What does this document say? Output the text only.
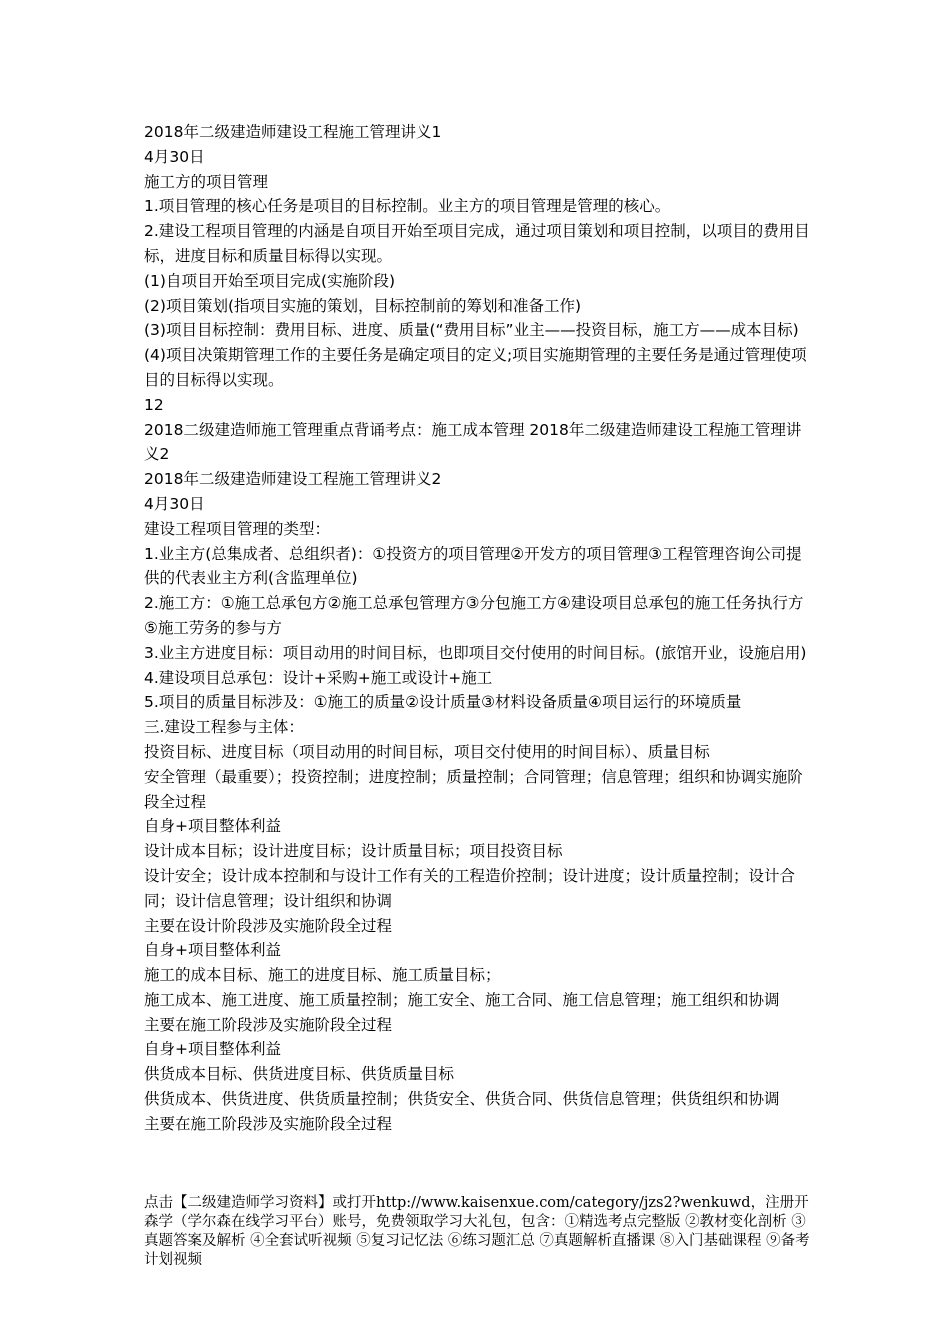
2018年二级建造师建设工程施工管理讲义1
4月30日
施工方的项目管理
1.项目管理的核心任务是项目的目标控制。业主方的项目管理是管理的核心。
2.建设工程项目管理的内涵是自项目开始至项目完成，通过项目策划和项目控制，以项目的费用目标，进度目标和质量目标得以实现。
(1)自项目开始至项目完成(实施阶段)
(2)项目策划(指项目实施的策划，目标控制前的筹划和准备工作)
(3)项目目标控制：费用目标、进度、质量(“费用目标”业主——投资目标，施工方——成本目标)
(4)项目决策期管理工作的主要任务是确定项目的定义;项目实施期管理的主要任务是通过管理使项目的目标得以实现。
12
2018二级建造师施工管理重点背诵考点：施工成本管理 2018年二级建造师建设工程施工管理讲义2
2018年二级建造师建设工程施工管理讲义2
4月30日
建设工程项目管理的类型：
1.业主方(总集成者、总组织者)：①投资方的项目管理②开发方的项目管理③工程管理咨询公司提供的代表业主方利(含监理单位)
2.施工方：①施工总承包方②施工总承包管理方③分包施工方④建设项目总承包的施工任务执行方⑤施工劳务的参与方
3.业主方进度目标：项目动用的时间目标，也即项目交付使用的时间目标。(旅馆开业，设施启用)
4.建设项目总承包：设计+采购+施工或设计+施工
5.项目的质量目标涉及：①施工的质量②设计质量③材料设备质量④项目运行的环境质量
三.建设工程参与主体：
投资目标、进度目标（项目动用的时间目标，项目交付使用的时间目标）、质量目标
安全管理（最重要）；投资控制；进度控制；质量控制；合同管理；信息管理；组织和协调实施阶段全过程
自身+项目整体利益
设计成本目标；设计进度目标；设计质量目标；项目投资目标
设计安全；设计成本控制和与设计工作有关的工程造价控制；设计进度；设计质量控制；设计合同；设计信息管理；设计组织和协调
主要在设计阶段涉及实施阶段全过程
自身+项目整体利益
施工的成本目标、施工的进度目标、施工质量目标；
施工成本、施工进度、施工质量控制；施工安全、施工合同、施工信息管理；施工组织和协调
主要在施工阶段涉及实施阶段全过程
自身+项目整体利益
供货成本目标、供货进度目标、供货质量目标
供货成本、供货进度、供货质量控制；供货安全、供货合同、供货信息管理；供货组织和协调
主要在施工阶段涉及实施阶段全过程
点击【二级建造师学习资料】或打开http://www.kaisenxue.com/category/jzs2?wenkuwd，注册开森学（学尔森在线学习平台）账号，免费领取学习大礼包，包含：①精选考点完整版 ②教材变化剖析 ③真题答案及解析 ④全套试听视频 ⑤复习记忆法 ⑥练习题汇总 ⑦真题解析直播课 ⑧入门基础课程 ⑨备考计划视频
